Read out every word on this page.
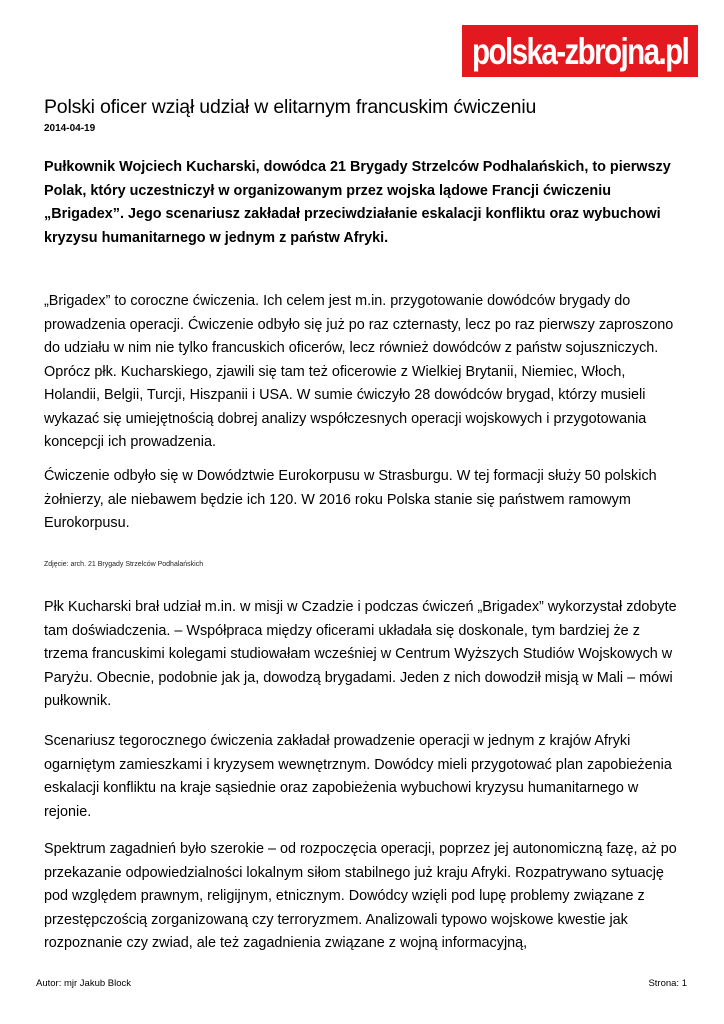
polska-zbrojna.pl
Polski oficer wziął udział w elitarnym francuskim ćwiczeniu
2014-04-19

Pułkownik Wojciech Kucharski, dowódca 21 Brygady Strzelców Podhalańskich, to pierwszy Polak, który uczestniczył w organizowanym przez wojska lądowe Francji ćwiczeniu „Brigadex”. Jego scenariusz zakładał przeciwdziałanie eskalacji konfliktu oraz wybuchowi kryzysu humanitarnego w jednym z państw Afryki.

„Brigadex” to coroczne ćwiczenia. Ich celem jest m.in. przygotowanie dowódców brygady do prowadzenia operacji. Ćwiczenie odbyło się już po raz czternasty, lecz po raz pierwszy zaproszono do udziału w nim nie tylko francuskich oficerów, lecz również dowódców z państw sojuszniczych. Oprócz płk. Kucharskiego, zjawili się tam też oficerowie z Wielkiej Brytanii, Niemiec, Włoch, Holandii, Belgii, Turcji, Hiszpanii i USA. W sumie ćwiczyło 28 dowódców brygad, którzy musieli wykazać się umiejętnością dobrej analizy współczesnych operacji wojskowych i przygotowania koncepcji ich prowadzenia.

Ćwiczenie odbyło się w Dowództwie Eurokorpusu w Strasburgu. W tej formacji służy 50 polskich żołnierzy, ale niebawem będzie ich 120. W 2016 roku Polska stanie się państwem ramowym Eurokorpusu.

Zdjęcie: arch. 21 Brygady Strzelców Podhalańskich

Płk Kucharski brał udział m.in. w misji w Czadzie i podczas ćwiczeń „Brigadex” wykorzystał zdobyte tam doświadczenia. – Współpraca między oficerami układała się doskonale, tym bardziej że z trzema francuskimi kolegami studiowałam wcześniej w Centrum Wyższych Studiów Wojskowych w Paryżu. Obecnie, podobnie jak ja, dowodzą brygadami. Jeden z nich dowodził misją w Mali – mówi pułkownik.

Scenariusz tegorocznego ćwiczenia zakładał prowadzenie operacji w jednym z krajów Afryki ogarniętym zamieszkami i kryzysem wewnętrznym. Dowódcy mieli przygotować plan zapobieżenia eskalacji konfliktu na kraje sąsiednie oraz zapobieżenia wybuchowi kryzysu humanitarnego w rejonie.

Spektrum zagadnień było szerokie – od rozpoczęcia operacji, poprzez jej autonomiczną fazę, aż po przekazanie odpowiedzialności lokalnym siłom stabilnego już kraju Afryki. Rozpatrywano sytuację pod względem prawnym, religijnym, etnicznym. Dowódcy wzięli pod lupę problemy związane z przestępczością zorganizowaną czy terroryzmem. Analizowali typowo wojskowe kwestie jak rozpoznanie czy zwiad, ale też zagadnienia związane z wojną informacyjną,

Autor: mjr Jakub Block	Strona: 1
